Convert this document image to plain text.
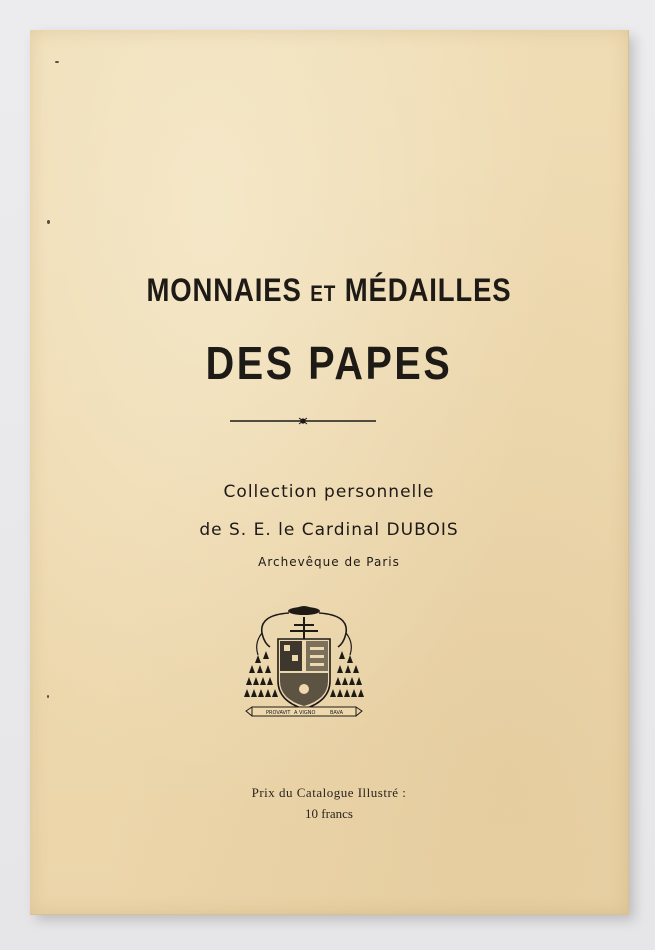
MONNAIES ET MÉDAILLES
DES PAPES
Collection personnelle
de S. E. le Cardinal DUBOIS
Archevêque de Paris
PROVAVIT A VIGNO	BAVA
Prix du Catalogue Illustré :
10 francs
